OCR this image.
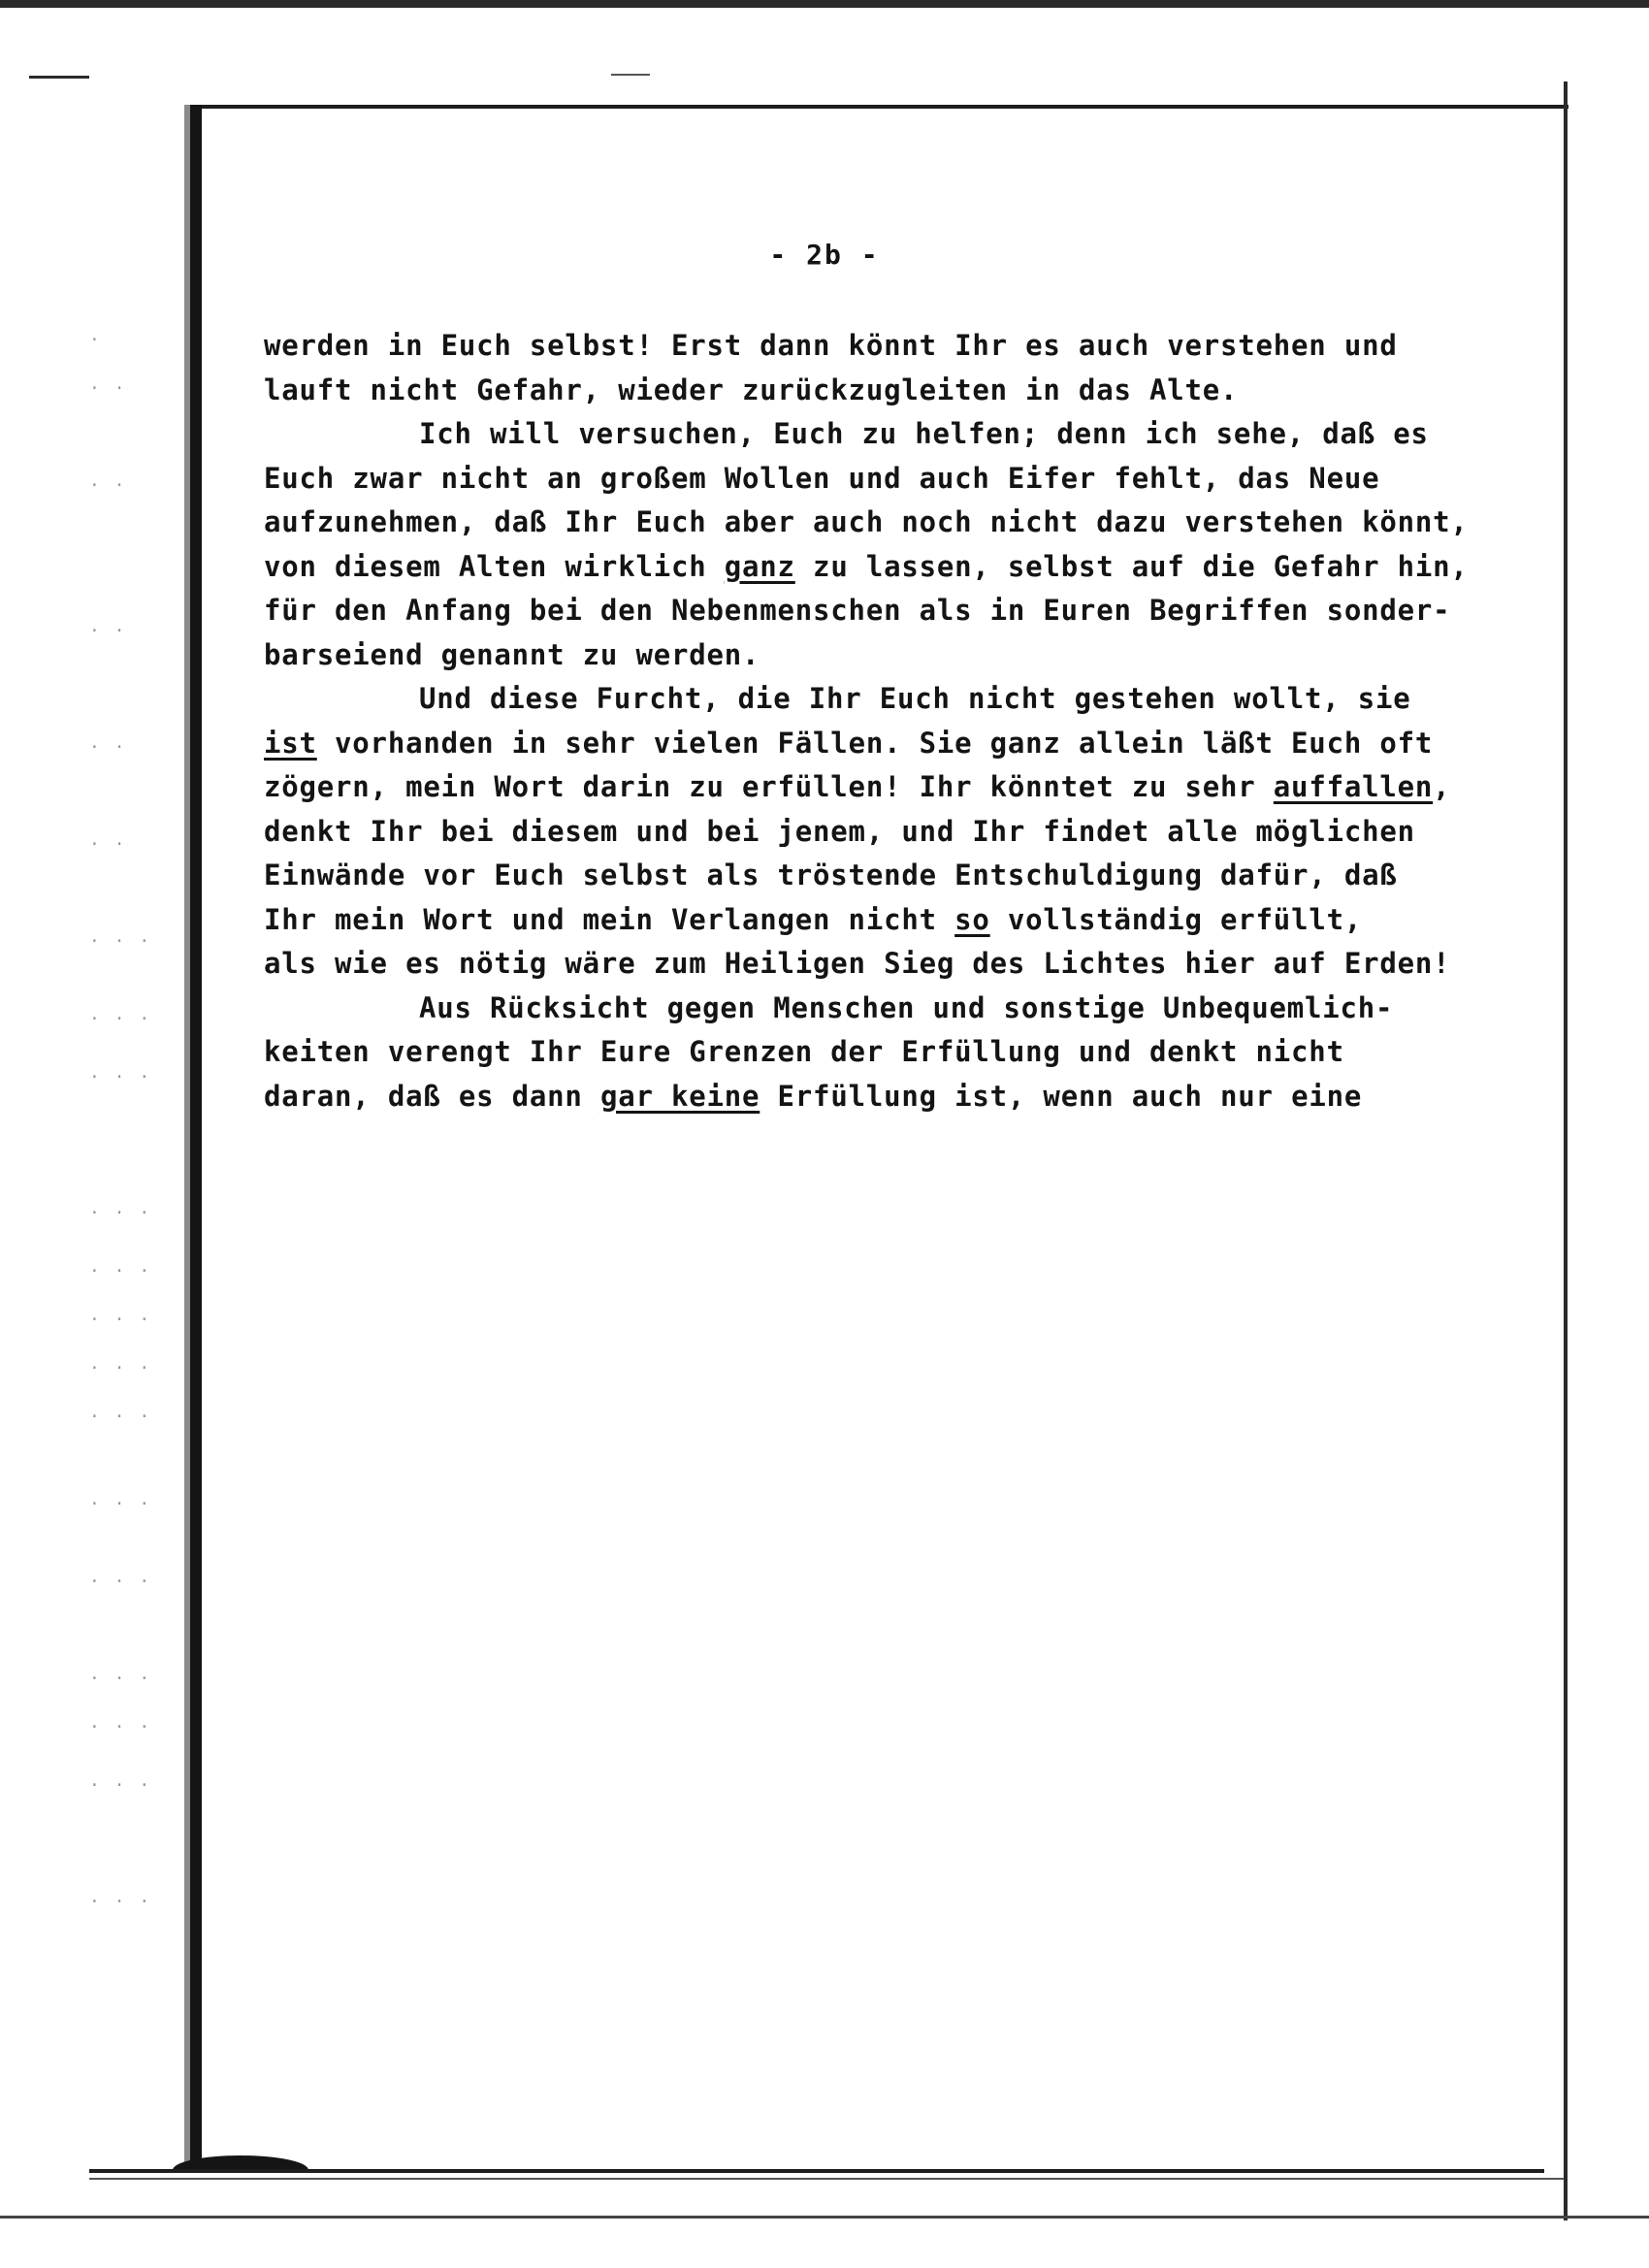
·
· ·
· ·
· ·
· ·
· ·
· · ·
· · ·
· · ·
· · ·
· · ·
· · ·
· · ·
· · ·
· · ·
· · ·
· · ·
· · ·
· · ·
· · ·
- 2b -

werden in Euch selbst! Erst dann könnt Ihr es auch verstehen und

lauft nicht Gefahr, wieder zurückzugleiten in das Alte.

Ich will versuchen, Euch zu helfen; denn ich sehe, daß es

Euch zwar nicht an großem Wollen und auch Eifer fehlt, das Neue

aufzunehmen, daß Ihr Euch aber auch noch nicht dazu verstehen könnt,

von diesem Alten wirklich ganz zu lassen, selbst auf die Gefahr hin,

für den Anfang bei den Nebenmenschen als in Euren Begriffen sonder-

barseiend genannt zu werden.

Und diese Furcht, die Ihr Euch nicht gestehen wollt, sie

ist vorhanden in sehr vielen Fällen. Sie ganz allein läßt Euch oft

zögern, mein Wort darin zu erfüllen! Ihr könntet zu sehr auffallen,

denkt Ihr bei diesem und bei jenem, und Ihr findet alle möglichen

Einwände vor Euch selbst als tröstende Entschuldigung dafür, daß

Ihr mein Wort und mein Verlangen nicht so vollständig erfüllt,

als wie es nötig wäre zum Heiligen Sieg des Lichtes hier auf Erden!

Aus Rücksicht gegen Menschen und sonstige Unbequemlich-

keiten verengt Ihr Eure Grenzen der Erfüllung und denkt nicht

daran, daß es dann gar keine Erfüllung ist, wenn auch nur eine
